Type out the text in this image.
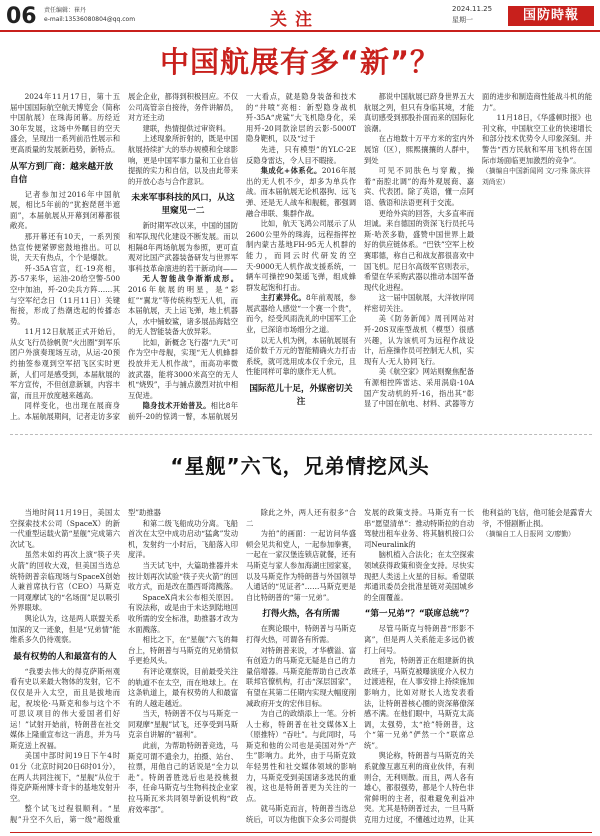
06 责任编辑：崔丹
e-mail:13536080804@qq.com	关注
2024.11.25
星期一	国防時報
中国航展有多“新”？

2024年11月17日，第十五届中国国际航空航天博览会（简称中国航展）在珠海闭幕。历经近30年发展，这场中外瞩目的空天盛会，呈现出一系列前沿性展示和更高质量的发展新趋势，新特点。

从军方到厂商：越来越开放自信

记者参加过2016年中国航展，相比5年前的“犹抱琵琶半遮面”，本届航展从开幕到闭幕都很敞亮。

那开幕还有10天，一系列预热宣传便紧锣密鼓地推出。可以说，天天有热点，个个是爆款。

歼-35A官宣，红-19亮相，苏-57来华，运油-20给空警-500空中加油，歼-20尖兵方阵……其与空军纪念日（11月11日）关键衔接，形成了热潮迭起的传播态势。

11月12日航展正式开始后，从女飞行员徐帆贺“火出圈”到军乐团户外演奏现场互动，从运-20预约抽签参观到空军招飞区实时更新，人们可是感受到，本届航展的军方宣传，不但创意新颖，内容丰富，而且开放度越来越高。

同样变化，也出现在展商身上。本届航展期间，记者走访多家展企企业，都得到积极回应。不仅公司高管亲自接待，务件讲解员，对方还主动

建联，热情提供过审资料。

上述现象所折射的，既是中国航展持续扩大的举办规模和全球影响，更是中国军事力量和工业自信提振的实力和自信，以及由此带来的开放心态与合作意识。

未来军事科技的风口，从这里窥见一二

新时期军改以来，中国的国防和军队现代化建设不断发展。而以相隔8年两场航展为参照，更可直观对比国产武器装备研发与世界军事科技革命演进的若干新动向——

无人智能战争渐渐成形。2016年航展的明星，是“彩虹”“翼龙”等传统构型无人机，而本届航展，天上运飞弹，地上机器人，水中铺蛟鲨，诸多展品海陆空的无人智能装备大放异彩。

比如，新概念飞行器“九天”可作为空中母舰，实现“无人机蜂群投放并无人机作战”，而高功率微波武器，能将3000米高空的无人机“烧毁”，手与捕点激烈对抗中相互促进。

隐身技术开始普及。相比8年前歼-20的惊鸿一瞥，本届航展另一大看点，就是隐身装备和技术的“井喷”亮相：新型隐身战机歼-35A“虎鲨”大飞机隐身化，采用歼-20同款涂层的云影-5000T隐身靶机，以及“过于

先进，只有模型”的YLC-2E反隐身雷达，令人目不暇接。

集成化+体系化。2016年展出的无人机不少，却多为单兵作战。而本届航展无论机器狗、远飞弹、还是无人战车和舰艇，都强调融合串联、集群作战。

比如，航天飞鸿公司展示了从2600公里外的珠海，远程指挥控制内蒙古基地FH-95无人机群的能力，而同云时代研发的空天-9000无人机作战支援系统，一辆车可操控90架遥飞弹，组成蜂群发起饱和打击。

主打素异化。8年前观展，参展武器给人感觉“一个赛一个贵”，而今，经受风雨洗礼的中国军工企业，已深谙市场细分之道。

以无人机为例，本届航展展有适价数千万元的智能精确火力打击系统，就可选用成本仅千余元，且性能同样可靠的康作无人机。

国际范儿十足，外媒密切关注

都说中国航展已跻身世界五大航展之列，但只有身临其境，才能真切感受到那股扑面而来的国际化浪潮。

在占地数十万平方米的室内外展馆（区），熙熙攘攘的人群中，到处

可见不同肤色与穿戴，操着“南腔北调”的海外观展商、嘉宾、代表团。除了英语，懂一点阿语、俄语和法语更利于交流。

更给外宾的回答，大多直率而坦诚。来自德国的资深飞行员托马斯·哈茨多勒，盛赞中国世界上最好的供应链体系。“巴铁”空军上校赛耶德，称自己和战友都很喜欢中国飞机。尼日尔高级军官则表示，希望在华采购武器以推动本国军备现代化进程。

这一届中国航展，大洋彼岸同样密切关注。

美《防务新闻》周刊网站对歼-20S双座型战机（模型）很感兴趣，认为该机可为远程作战设计，后座操作员可控制无人机，实现有人-无人协同飞行。

美《航空家》网站则聚焦配备有源相控阵雷达、采用涡扇-10A国产发动机的歼-16，指出其“彰显了中国在航电、材料、武器等方面的进步和制造商性能战斗机的能力”。

11月18日，《华盛顿时报》也刊文称，中国航空工业的快速增长和部分技术优势令人印象深刻。并警告“西方民航和军用飞机将在国际市场面临更加激烈的竞争”。

（摘编自中国新闻网 文/刁殊 陈庆祥 刘尚宏）
“星舰”六飞，兄弟情挖风头

当地时间11月19日，美国太空探索技术公司（SpaceX）的新一代重型运载火箭“星舰”完成第六次试飞。

虽然未如约再次上演“筷子夹火箭”的回收大戏，但美国当选总统特朗普亲临现场与SpaceX创始人兼首席执行官（CEO）马斯克一同观摩试飞的“名场面”足以吸引外界眼球。

舆论认为，这是两人联盟关系加深的又一迹象，但是“兄弟情”能维系多久仍待观察。

最有权势的人和最富有的人

“我要去伟大的得克萨斯州观看有史以来最大物体的发射，它不仅仅是升入太空，而且是拔地而起，祝埃伦·马斯克和参与这个不可思议项目的伟大爱国者们好运！”试射开始前，特朗普在社交媒体上隆重宣布这一消息，并为马斯克送上祝福。

美国中部时间19日下午4时01分（北京时间20日6时01分），在两人共同注视下，“星舰”从位于得克萨斯州博卡奇卡的基地发射升空。

整个试飞过程很顺利。“星舰”升空不久后，第一级“超级重型”助推器

和第二级飞船成功分离。飞船首次在太空中成功启动“猛禽”发动机，发射约一小时后，飞船落入印度洋。

当天试飞中，大篇助推器并未按计划再次试验“筷子夹火箭”的回收方式，而是改在墨西哥湾溅落。

SpaceX尚未公布相关原因。有说法称，或是由于未达到陆地回收所需的安全标准，助推器才改为水面溅落。

相比之下，在“星舰”六飞的舞台上，特朗普与马斯克的兄弟情似乎更抢风头。

有评论观察说，目前最受关注的轨道不在太空，而在地球上。在这条轨道上，最有权势的人和最富有的人越走越近。

当天，特朗普不仅与马斯克一同观摩“星舰”试飞，还享受到马斯克亲自讲解的“福利”。

此前，为帮助特朗普竞选，马斯克可谓不遗余力，拍摄、站台、拉票，用他自己的话说是“全力以赴”。特朗普胜选后也是投桃报李，任命马斯克与生物科技企业家拉马斯瓦米共同领导新设机构“政府效率部”。

除此之外，两人还有很多“合二

为拍”的画面：一起访问华盛顿会见共和党人，一起参加拳赛，一起在一家汉堡连锁店就餐，还有马斯克与家人参加海湖庄园家宴，以及马斯克作为特朗普与外国领导人通话的“见证者”……马斯克更是自比特朗普的“第一兄弟”。

打得火热，各有所需

在舆论眼中，特朗普与马斯克打得火热，可谓各有所需。

对特朗普来说，才华横溢、富有创造力的马斯克无疑是自己的力量倍增器。马斯克能帮助自己改革联邦官僚机构，打击“深层国家”，有望在其第二任期内实现大幅度削减政府开支的宏伟目标。

为自己的政绩添上一笔。分析人士称，特朗普在社交媒体X上（原推特）“吞吐”。与此同时，马斯克和他的公司也是美国对外“产生”影响力。此外，由于马斯克致年轻男性和社交媒体领域的影响力，马斯克受到美国诸多选民的重视，这也是特朗普更为关注的一点。

就马斯克而言，特朗普当选总统后，可以为他旗下众多公司提供发展的政策支持。马斯克有一长串“愿望清单”：推动特斯拉的自动驾驶出租车业务、将其脑机接口公司Neuralink的

脑机植入合法化；在太空探索领域获得政策和资金支持。尽快实现把人类送上火星的目标。希望联邦通讯委员会批准星链对美国城乡的全面覆盖。

“第一兄弟”？“联席总统”？

尽管马斯克与特朗普“形影不离”，但是两人关系能走多远仍被打上问号。

首先，特朗普正在组建新的执政班子，马斯克被曝演度介入权力过渡进程，在人事安排上持续施加影响力，比如对财长人选发表看法，让特朗普核心圈的资深幕僚深感不满。在他们眼中，马斯克太高调，太强势，太“抢”特朗普，这个“第一兄弟”俨然一个“联席总统”。

舆论称，特朗普与马斯克的关系就像互惠互利的商业伙伴，有利则合，无利则散。而且，两人各有雄心，都很强势，都是个人特色非常鲜明的主者，很难避免利益冲突。尤其是特朗普过去，一旦马斯克用力过度，不懂越过边界，让其他利益的飞信，他可能会是露背大爷，不惜剧断止损。

（摘编自工人日报网 文/廖勤）
